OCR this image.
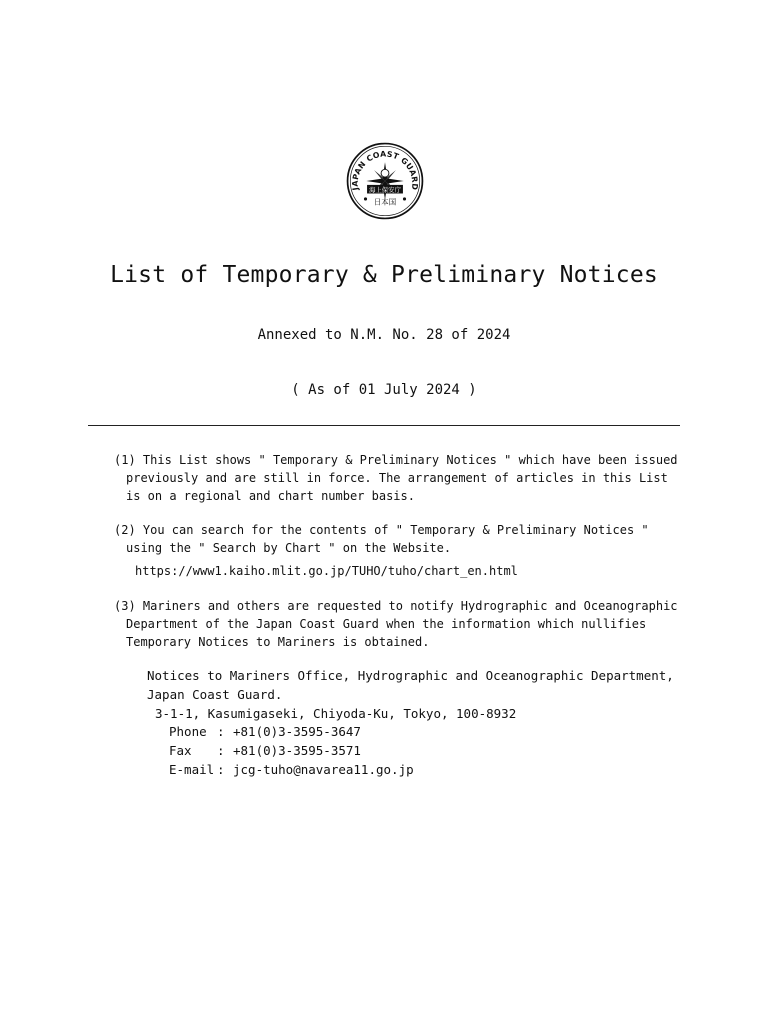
JAPAN COAST GUARD
海上保安庁
日本国
List of Temporary & Preliminary Notices
Annexed to N.M. No. 28 of 2024
( As of 01 July 2024 )
(1) This List shows " Temporary & Preliminary Notices " which have been issued
previously and are still in force. The arrangement of articles in this List
is on a regional and chart number basis.
(2) You can search for the contents of " Temporary & Preliminary Notices "
using the " Search by Chart " on the Website.
https://www1.kaiho.mlit.go.jp/TUHO/tuho/chart_en.html
(3) Mariners and others are requested to notify Hydrographic and Oceanographic
Department of the Japan Coast Guard when the information which nullifies
Temporary Notices to Mariners is obtained.
Notices to Mariners Office, Hydrographic and Oceanographic Department,
Japan Coast Guard.
3-1-1, Kasumigaseki, Chiyoda-Ku, Tokyo, 100-8932
Phone : +81(0)3-3595-3647
Fax : +81(0)3-3595-3571
E-mail : jcg-tuho@navarea11.go.jp
